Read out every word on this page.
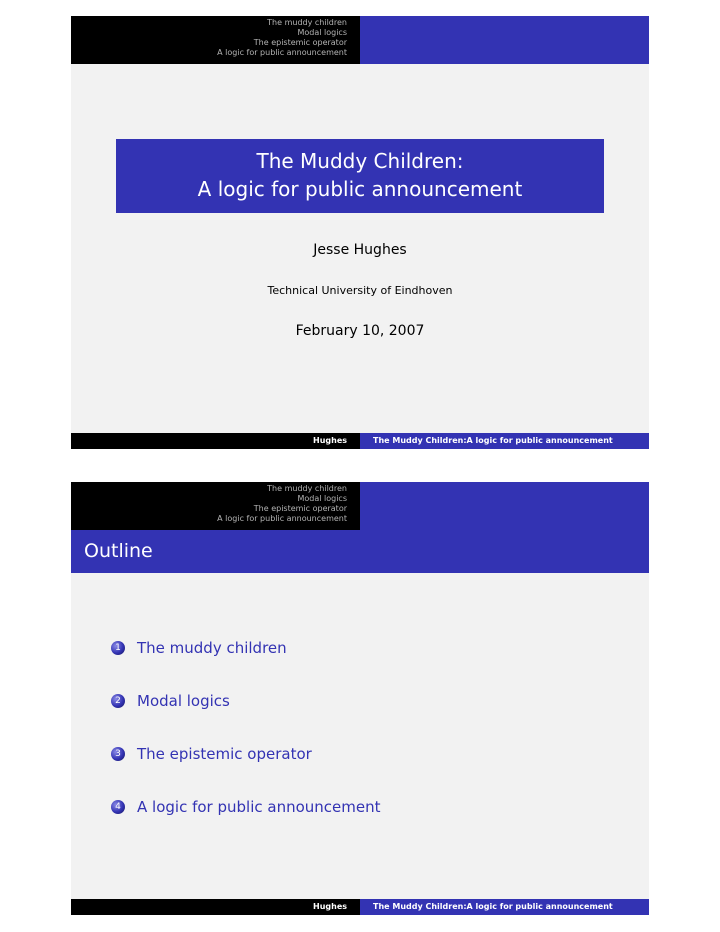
The muddy children
Modal logics
The epistemic operator
A logic for public announcement
The Muddy Children:
A logic for public announcement
Jesse Hughes
Technical University of Eindhoven
February 10, 2007
Hughes	The Muddy Children:A logic for public announcement
The muddy children
Modal logics
The epistemic operator
A logic for public announcement
Outline
1 The muddy children
2 Modal logics
3 The epistemic operator
4 A logic for public announcement
Hughes	The Muddy Children:A logic for public announcement
